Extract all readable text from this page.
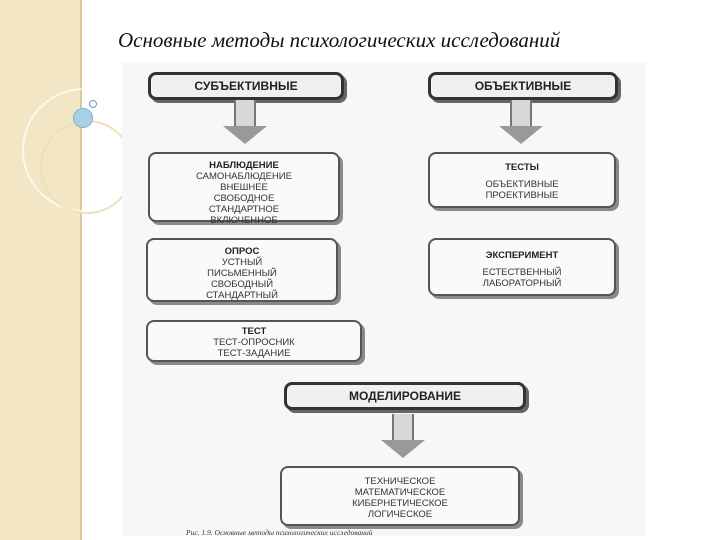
Основные методы психологических исследований
СУБЪЕКТИВНЫЕ
НАБЛЮДЕНИЕ
САМОНАБЛЮДЕНИЕ
ВНЕШНЕЕ
СВОБОДНОЕ
СТАНДАРТНОЕ
ВКЛЮЧЕННОЕ
ОПРОС
УСТНЫЙ
ПИСЬМЕННЫЙ
СВОБОДНЫЙ
СТАНДАРТНЫЙ
ТЕСТ
ТЕСТ-ОПРОСНИК
ТЕСТ-ЗАДАНИЕ
ОБЪЕКТИВНЫЕ
ТЕСТЫ
ОБЪЕКТИВНЫЕ
ПРОЕКТИВНЫЕ
ЭКСПЕРИМЕНТ
ЕСТЕСТВЕННЫЙ
ЛАБОРАТОРНЫЙ
МОДЕЛИРОВАНИЕ
ТЕХНИЧЕСКОЕ
МАТЕМАТИЧЕСКОЕ
КИБЕРНЕТИЧЕСКОЕ
ЛОГИЧЕСКОЕ
Рис. 1.9. Основные методы психологических исследований
